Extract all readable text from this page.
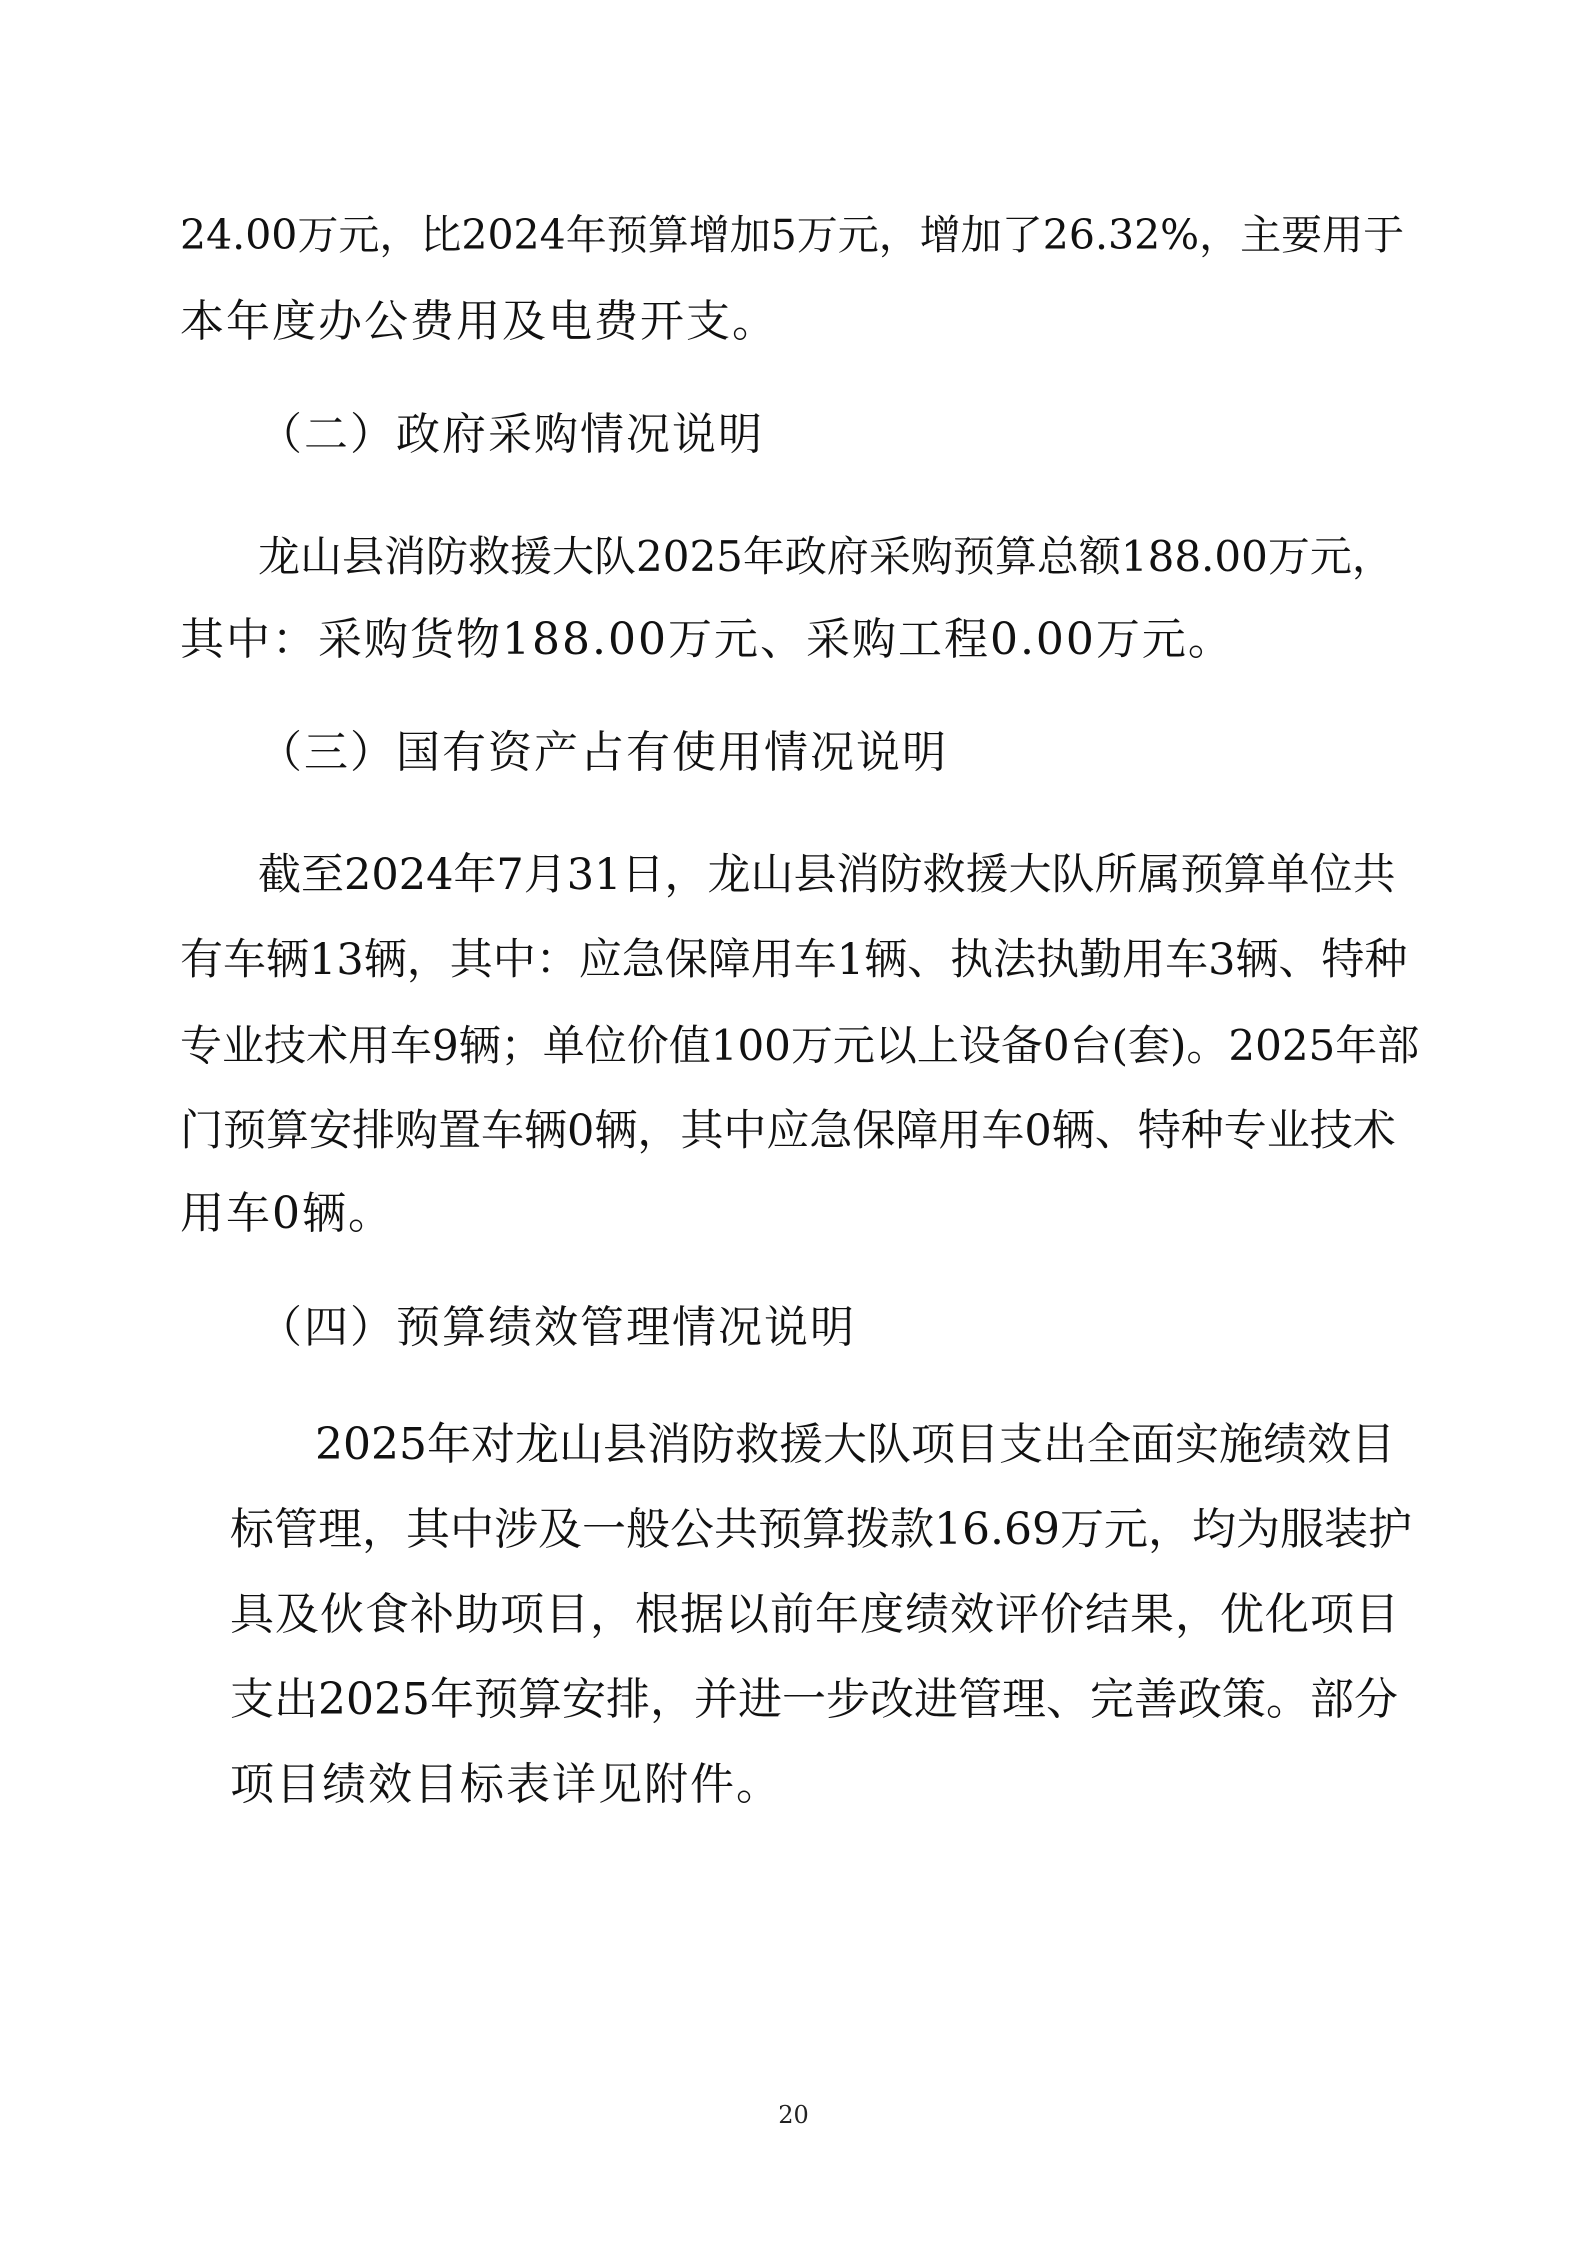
24.00万元，比2024年预算增加5万元，增加了26.32%，主要用于
本年度办公费用及电费开支。
（二）政府采购情况说明
龙山县消防救援大队2025年政府采购预算总额188.00万元，
其中：采购货物188.00万元、采购工程0.00万元。
（三）国有资产占有使用情况说明
截至2024年7月31日，龙山县消防救援大队所属预算单位共
有车辆13辆，其中：应急保障用车1辆、执法执勤用车3辆、特种
专业技术用车9辆；单位价值100万元以上设备0台(套)。2025年部
门预算安排购置车辆0辆，其中应急保障用车0辆、特种专业技术
用车0辆。
（四）预算绩效管理情况说明
2025年对龙山县消防救援大队项目支出全面实施绩效目
标管理，其中涉及一般公共预算拨款16.69万元，均为服装护
具及伙食补助项目，根据以前年度绩效评价结果，优化项目
支出2025年预算安排，并进一步改进管理、完善政策。部分
项目绩效目标表详见附件。
20
